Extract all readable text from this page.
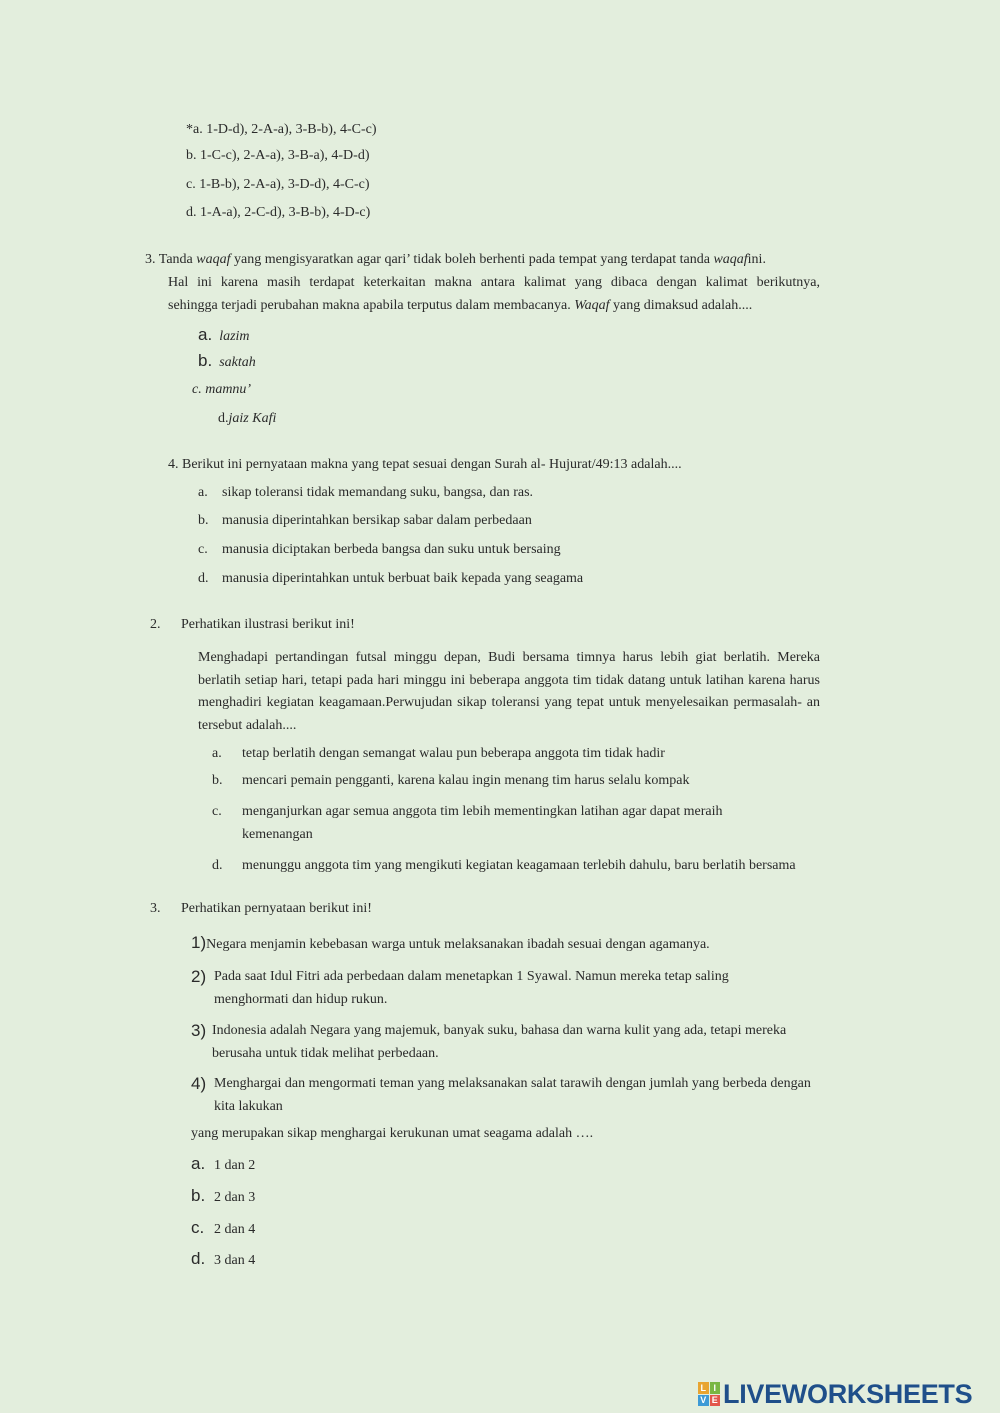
*a. 1-D-d), 2-A-a), 3-B-b), 4-C-c)
b. 1-C-c), 2-A-a), 3-B-a), 4-D-d)
c. 1-B-b), 2-A-a), 3-D-d), 4-C-c)
d. 1-A-a), 2-C-d), 3-B-b), 4-D-c)
3. Tanda waqaf yang mengisyaratkan agar qari’ tidak boleh berhenti pada tempat yang terdapat tanda waqafini.
Hal ini karena masih terdapat keterkaitan makna antara kalimat yang dibaca dengan kalimat berikutnya,
sehingga terjadi perubahan makna apabila terputus dalam membacanya. Waqaf yang dimaksud adalah....
a. lazim
b. saktah
c. mamnu’
d.jaiz Kafi
4. Berikut ini pernyataan makna yang tepat sesuai dengan Surah al- Hujurat/49:13 adalah....
a. sikap toleransi tidak memandang suku, bangsa, dan ras.
b. manusia diperintahkan bersikap sabar dalam perbedaan
c. manusia diciptakan berbeda bangsa dan suku untuk bersaing
d. manusia diperintahkan untuk berbuat baik kepada yang seagama
2. Perhatikan ilustrasi berikut ini!
Menghadapi pertandingan futsal minggu depan, Budi bersama timnya harus lebih giat berlatih. Mereka berlatih setiap hari, tetapi pada hari minggu ini beberapa anggota tim tidak datang untuk latihan karena harus menghadiri kegiatan keagamaan.Perwujudan sikap toleransi yang tepat untuk menyelesaikan permasalah- an tersebut adalah....
a. tetap berlatih dengan semangat walau pun beberapa anggota tim tidak hadir
b. mencari pemain pengganti, karena kalau ingin menang tim harus selalu kompak
c.	menganjurkan agar semua anggota tim lebih mementingkan latihan agar dapat meraih kemenangan
d.	menunggu anggota tim yang mengikuti kegiatan keagamaan terlebih dahulu, baru berlatih bersama
3. Perhatikan pernyataan berikut ini!
1)Negara menjamin kebebasan warga untuk melaksanakan ibadah sesuai dengan agamanya.
2) Pada saat Idul Fitri ada perbedaan dalam menetapkan 1 Syawal. Namun mereka tetap saling menghormati dan hidup rukun.
3) Indonesia adalah Negara yang majemuk, banyak suku, bahasa dan warna kulit yang ada, tetapi mereka berusaha untuk tidak melihat perbedaan.
4) Menghargai dan mengormati teman yang melaksanakan salat tarawih dengan jumlah yang berbeda dengan kita lakukan
yang merupakan sikap menghargai kerukunan umat seagama adalah ….
a. 1 dan 2
b. 2 dan 3
c. 2 dan 4
d. 3 dan 4
L I
V E LIVEWORKSHEETS
